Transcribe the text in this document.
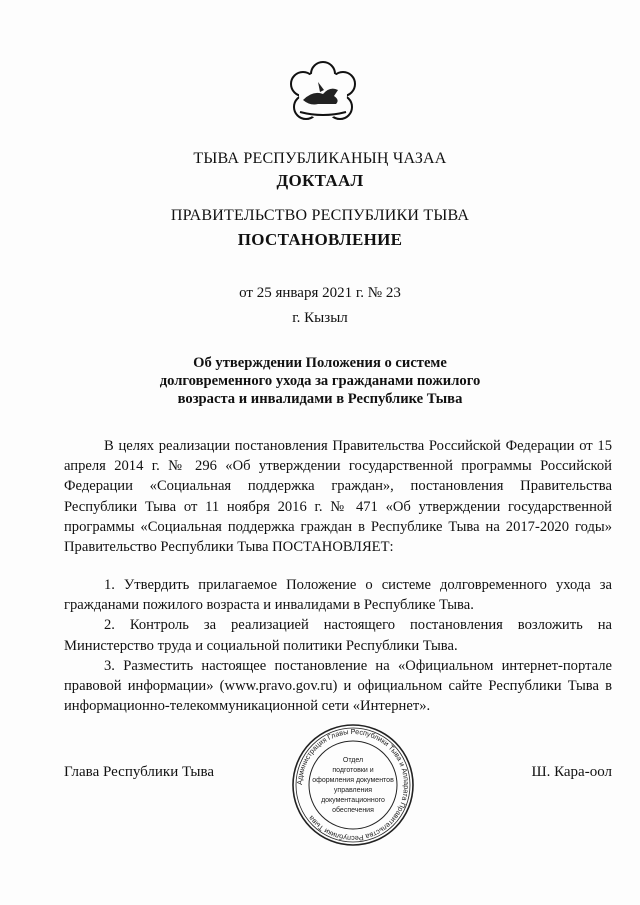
ТЫВА РЕСПУБЛИКАНЫҢ ЧАЗАА
ДОКТААЛ
ПРАВИТЕЛЬСТВО РЕСПУБЛИКИ ТЫВА
ПОСТАНОВЛЕНИЕ
от 25 января 2021 г. № 23
г. Кызыл
Об утверждении Положения о системе
долговременного ухода за гражданами пожилого
возраста и инвалидами в Республике Тыва

В целях реализации постановления Правительства Российской Федерации от 15 апреля 2014 г. № 296 «Об утверждении государственной программы Российской Федерации «Социальная поддержка граждан», постановления Правительства Республики Тыва от 11 ноября 2016 г. № 471 «Об утверждении государственной программы «Социальная поддержка граждан в Республике Тыва на 2017-2020 годы» Правительство Республики Тыва ПОСТАНОВЛЯЕТ:

1. Утвердить прилагаемое Положение о системе долговременного ухода за гражданами пожилого возраста и инвалидами в Республике Тыва.

2. Контроль за реализацией настоящего постановления возложить на Министерство труда и социальной политики Республики Тыва.

3. Разместить настоящее постановление на «Официальном интернет-портале правовой информации» (www.pravo.gov.ru) и официальном сайте Республики Тыва в информационно-телекоммуникационной сети «Интернет».

Глава Республики Тыва	Ш. Кара-оол
Администрация Главы Республики Тыва и Аппарата Правительства Республики Тыва
Отдел
подготовки и
оформления документов
управления
документационного
обеспечения
